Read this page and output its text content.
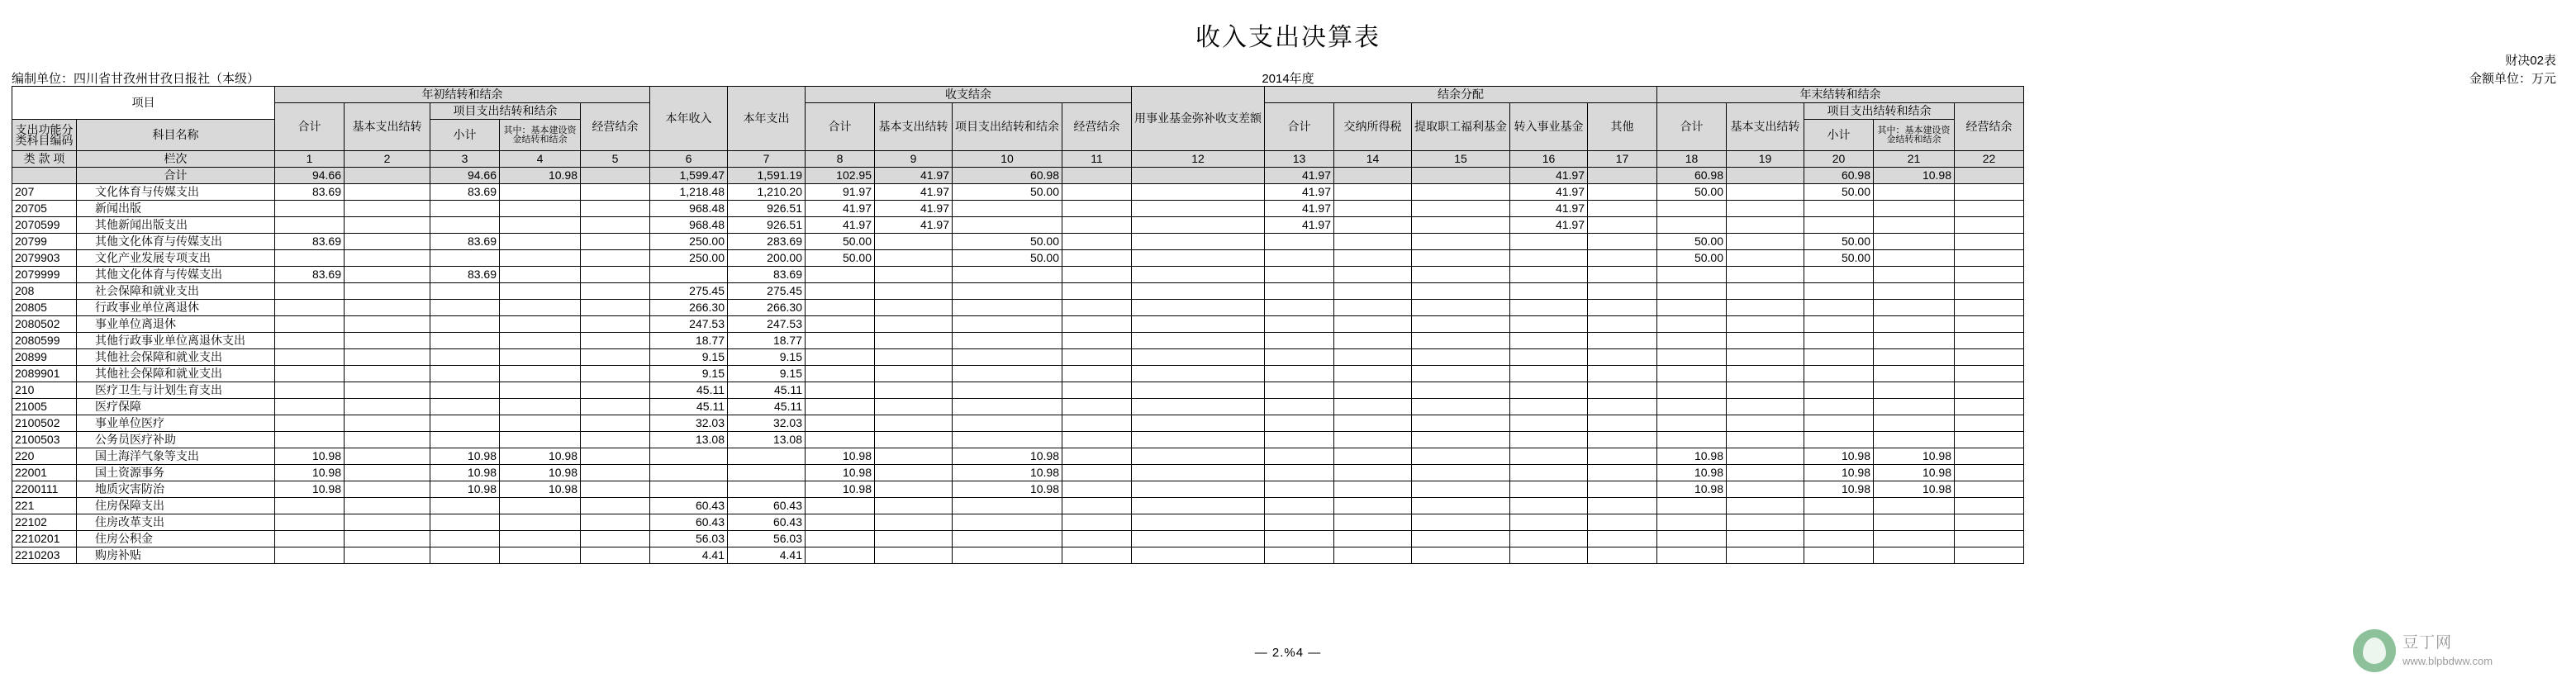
收入支出决算表
财决02表
金额单位：万元
编制单位：四川省甘孜州甘孜日报社（本级）	2014年度
项目		年初结转和结余					本年收入	本年支出	收支结余				用事业基金弥补收支差额	结余分配					年末结转和结余				
		合计	基本支出结转	项目支出结转和结余		经营结余			合计	基本支出结转	项目支出结转和结余	经营结余		合计	交纳所得税	提取职工福利基金	转入事业基金	其他	合计	基本支出结转	项目支出结转和结余		经营结余
支出功能分类科目编码	科目名称			小计	其中：基本建设资金结转和结余																小计	其中：基本建设资金结转和结余	
类 款 项	栏次	1	2	3	4	5	6	7	8	9	10	11	12	13	14	15	16	17	18	19	20	21	22
	合计	94.66		94.66	10.98		1,599.47	1,591.19	102.95	41.97	60.98			41.97			41.97		60.98		60.98	10.98	
207	文化体育与传媒支出	83.69		83.69			1,218.48	1,210.20	91.97	41.97	50.00			41.97			41.97		50.00		50.00		
20705	新闻出版						968.48	926.51	41.97	41.97				41.97			41.97						
2070599	其他新闻出版支出						968.48	926.51	41.97	41.97				41.97			41.97						
20799	其他文化体育与传媒支出	83.69		83.69			250.00	283.69	50.00		50.00								50.00		50.00		
2079903	文化产业发展专项支出						250.00	200.00	50.00		50.00								50.00		50.00		
2079999	其他文化体育与传媒支出	83.69		83.69				83.69															
208	社会保障和就业支出						275.45	275.45															
20805	行政事业单位离退休						266.30	266.30															
2080502	事业单位离退休						247.53	247.53															
2080599	其他行政事业单位离退休支出						18.77	18.77															
20899	其他社会保障和就业支出						9.15	9.15															
2089901	其他社会保障和就业支出						9.15	9.15															
210	医疗卫生与计划生育支出						45.11	45.11															
21005	医疗保障						45.11	45.11															
2100502	事业单位医疗						32.03	32.03															
2100503	公务员医疗补助						13.08	13.08															
220	国土海洋气象等支出	10.98		10.98	10.98				10.98		10.98								10.98		10.98	10.98	
22001	国土资源事务	10.98		10.98	10.98				10.98		10.98								10.98		10.98	10.98	
2200111	地质灾害防治	10.98		10.98	10.98				10.98		10.98								10.98		10.98	10.98	
221	住房保障支出						60.43	60.43															
22102	住房改革支出						60.43	60.43															
2210201	住房公积金						56.03	56.03															
2210203	购房补贴						4.41	4.41															
— 2.%4 —
豆丁网
www.blpbdww.com
